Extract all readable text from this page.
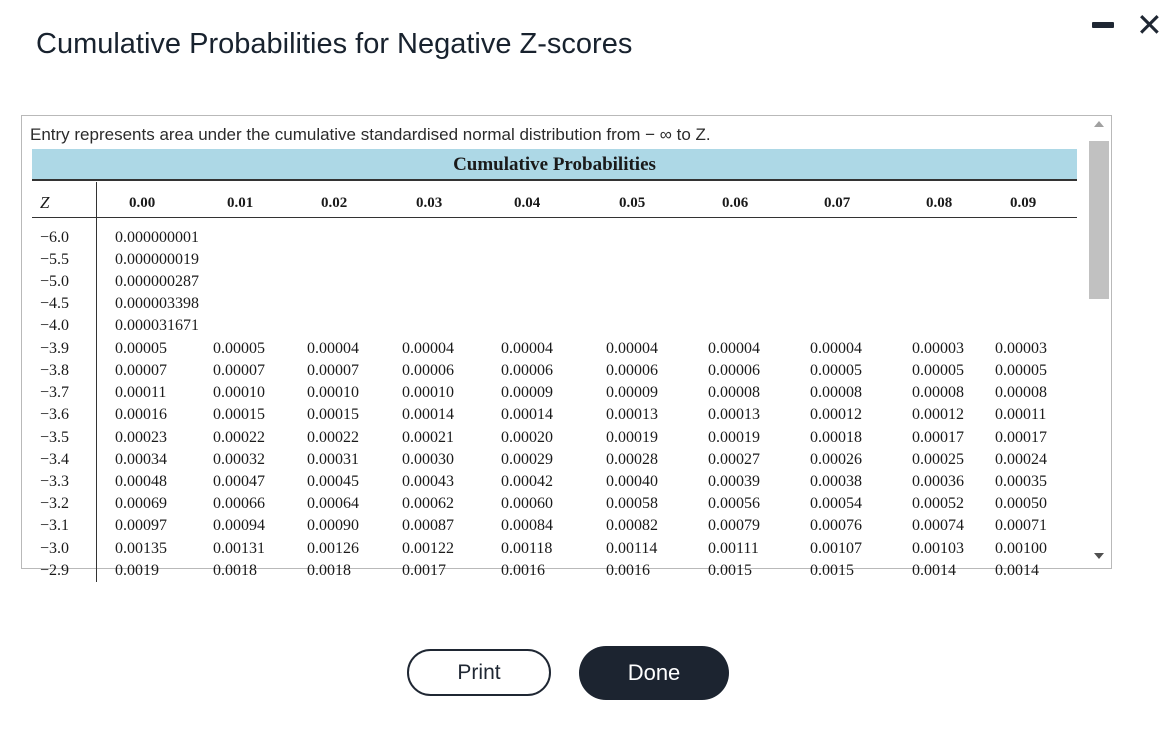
Cumulative Probabilities for Negative Z-scores
✕
Entry represents area under the cumulative standardised normal distribution from − ∞ to Z.
Cumulative Probabilities
Z	0.00	0.01	0.02	0.03	0.04	0.05	0.06	0.07	0.08	0.09
−6.0	0.000000001
−5.5	0.000000019
−5.0	0.000000287
−4.5	0.000003398
−4.0	0.000031671
−3.9	0.00005	0.00005	0.00004	0.00004	0.00004	0.00004	0.00004	0.00004	0.00003 0.00003
−3.8	0.00007	0.00007	0.00007	0.00006	0.00006	0.00006	0.00006	0.00005	0.00005 0.00005
−3.7	0.00011	0.00010	0.00010	0.00010	0.00009	0.00009	0.00008	0.00008	0.00008 0.00008
−3.6	0.00016	0.00015	0.00015	0.00014	0.00014	0.00013	0.00013	0.00012	0.00012 0.00011
−3.5	0.00023	0.00022	0.00022	0.00021	0.00020	0.00019	0.00019	0.00018	0.00017 0.00017
−3.4	0.00034	0.00032	0.00031	0.00030	0.00029	0.00028	0.00027	0.00026	0.00025 0.00024
−3.3	0.00048	0.00047	0.00045	0.00043	0.00042	0.00040	0.00039	0.00038	0.00036 0.00035
−3.2	0.00069	0.00066	0.00064	0.00062	0.00060	0.00058	0.00056	0.00054	0.00052 0.00050
−3.1	0.00097	0.00094	0.00090	0.00087	0.00084	0.00082	0.00079	0.00076	0.00074 0.00071
−3.0	0.00135	0.00131	0.00126	0.00122	0.00118	0.00114	0.00111	0.00107	0.00103 0.00100
−2.9	0.0019	0.0018	0.0018	0.0017	0.0016	0.0016	0.0015	0.0015	0.0014 0.0014
Print	Done
